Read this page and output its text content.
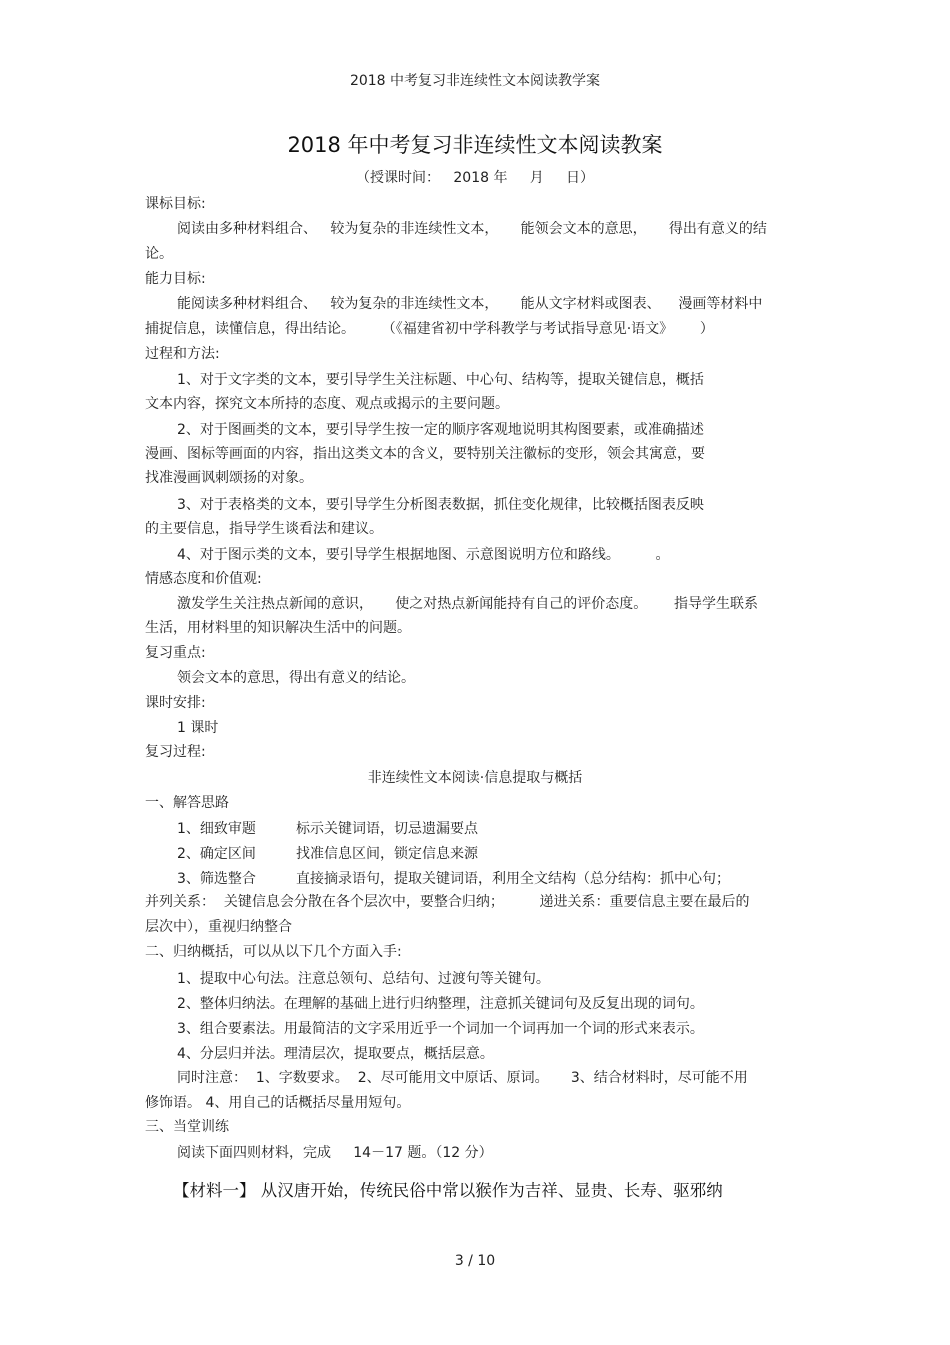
2018 中考复习非连续性文本阅读教学案
2018 年中考复习非连续性文本阅读教案
（授课时间：   2018 年     月     日）
课标目标:
阅读由多种材料组合、   较为复杂的非连续性文本，     能领会文本的意思，     得出有意义的结
论。
能力目标:
能阅读多种材料组合、   较为复杂的非连续性文本，     能从文字材料或图表、    漫画等材料中
捕捉信息，读懂信息，得出结论。      （《福建省初中学科教学与考试指导意见·语文》      ）
过程和方法:
1、对于文字类的文本，要引导学生关注标题、中心句、结构等，提取关键信息，概括
文本内容，探究文本所持的态度、观点或揭示的主要问题。
2、对于图画类的文本，要引导学生按一定的顺序客观地说明其构图要素，或准确描述
漫画、图标等画面的内容，指出这类文本的含义，要特别关注徽标的变形，领会其寓意，要
找准漫画讽刺颂扬的对象。
3、对于表格类的文本，要引导学生分析图表数据，抓住变化规律，比较概括图表反映
的主要信息，指导学生谈看法和建议。
4、对于图示类的文本，要引导学生根据地图、示意图说明方位和路线。        。
情感态度和价值观:
激发学生关注热点新闻的意识，     使之对热点新闻能持有自己的评价态度。      指导学生联系
生活，用材料里的知识解决生活中的问题。
复习重点:
领会文本的意思，得出有意义的结论。
课时安排:
1 课时
复习过程:
非连续性文本阅读·信息提取与概括
一、解答思路
1、细致审题         标示关键词语，切忌遗漏要点
2、确定区间         找准信息区间，锁定信息来源
3、筛选整合         直接摘录语句，提取关键词语，利用全文结构（总分结构：抓中心句；
并列关系：  关键信息会分散在各个层次中，要整合归纳；        递进关系：重要信息主要在最后的
层次中），重视归纳整合
二、归纳概括，可以从以下几个方面入手:
1、提取中心句法。注意总领句、总结句、过渡句等关键句。
2、整体归纳法。在理解的基础上进行归纳整理，注意抓关键词句及反复出现的词句。
3、组合要素法。用最简洁的文字采用近乎一个词加一个词再加一个词的形式来表示。
4、分层归并法。理清层次，提取要点，概括层意。
同时注意：  1、字数要求。  2、尽可能用文中原话、原词。     3、结合材料时，尽可能不用
修饰语。 4、用自己的话概括尽量用短句。
三、当堂训练
阅读下面四则材料，完成     14－17 题。（12 分）
【材料一】 从汉唐开始，传统民俗中常以猴作为吉祥、显贵、长寿、驱邪纳
3 / 10
